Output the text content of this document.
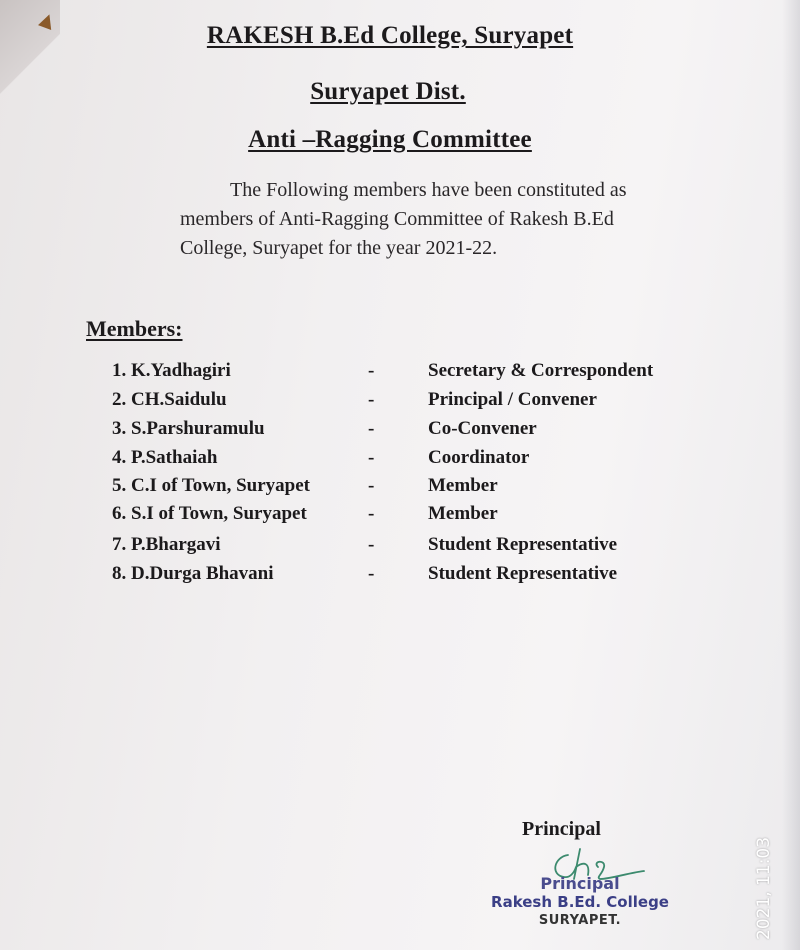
RAKESH B.Ed College, Suryapet
Suryapet Dist.
Anti –Ragging Committee
The Following members have been constituted as members of Anti-Ragging Committee of Rakesh B.Ed College, Suryapet for the year 2021-22.
Members:
1. K.Yadhagiri	-	Secretary & Correspondent
2. CH.Saidulu	-	Principal / Convener
3. S.Parshuramulu	-	Co-Convener
4. P.Sathaiah	-	Coordinator
5. C.I of Town, Suryapet	-	Member
6. S.I of Town, Suryapet	-	Member
7. P.Bhargavi	-	Student Representative
8. D.Durga Bhavani	-	Student Representative
Principal
Principal
Rakesh B.Ed. College
SURYAPET.	2021, 11:03
